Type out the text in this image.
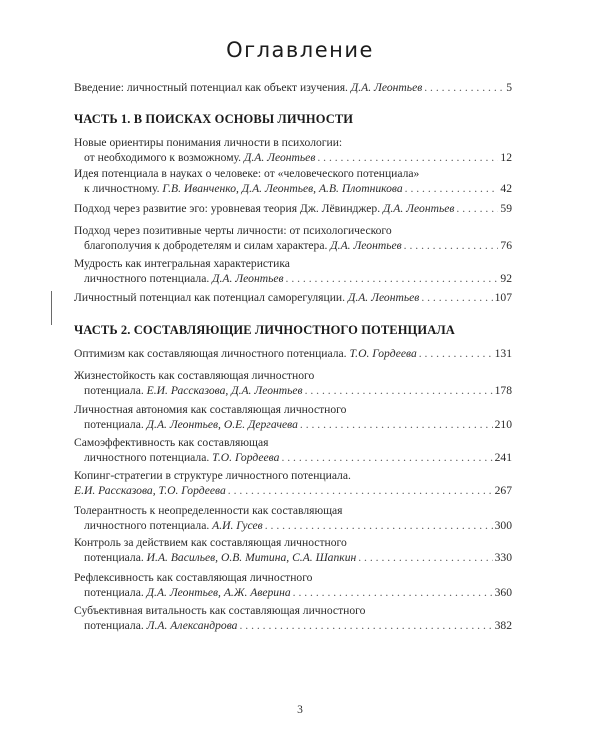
Оглавление
Введение: личностный потенциал как объект изучения. Д.А. Леонтьев . . .	5
ЧАСТЬ 1. В ПОИСКАХ ОСНОВЫ ЛИЧНОСТИ
Новые ориентиры понимания личности в психологии:
от необходимого к возможному. Д.А. Леонтьев . . .	12
Идея потенциала в науках о человеке: от «человеческого потенциала»
к личностному. Г.В. Иванченко, Д.А. Леонтьев, А.В. Плотникова . . .	42
Подход через развитие эго: уровневая теория Дж. Лёвинджер. Д.А. Леонтьев . . .	59
Подход через позитивные черты личности: от психологического
благополучия к добродетелям и силам характера. Д.А. Леонтьев . . .	76
Мудрость как интегральная характеристика
личностного потенциала. Д.А. Леонтьев . . .	92
Личностный потенциал как потенциал саморегуляции. Д.А. Леонтьев . . .	107
ЧАСТЬ 2. СОСТАВЛЯЮЩИЕ ЛИЧНОСТНОГО ПОТЕНЦИАЛА
Оптимизм как составляющая личностного потенциала. Т.О. Гордеева . . .	131
Жизнестойкость как составляющая личностного
потенциала. Е.И. Рассказова, Д.А. Леонтьев . . .	178
Личностная автономия как составляющая личностного
потенциала. Д.А. Леонтьев, О.Е. Дергачева . . .	210
Самоэффективность как составляющая
личностного потенциала. Т.О. Гордеева . . .	241
Копинг-стратегии в структуре личностного потенциала.
Е.И. Рассказова, Т.О. Гордеева . . .	267
Толерантность к неопределенности как составляющая
личностного потенциала. А.И. Гусев . . .	300
Контроль за действием как составляющая личностного
потенциала. И.А. Васильев, О.В. Митина, С.А. Шапкин . . .	330
Рефлексивность как составляющая личностного
потенциала. Д.А. Леонтьев, А.Ж. Аверина . . .	360
Субъективная витальность как составляющая личностного
потенциала. Л.А. Александрова . . .	382
3
